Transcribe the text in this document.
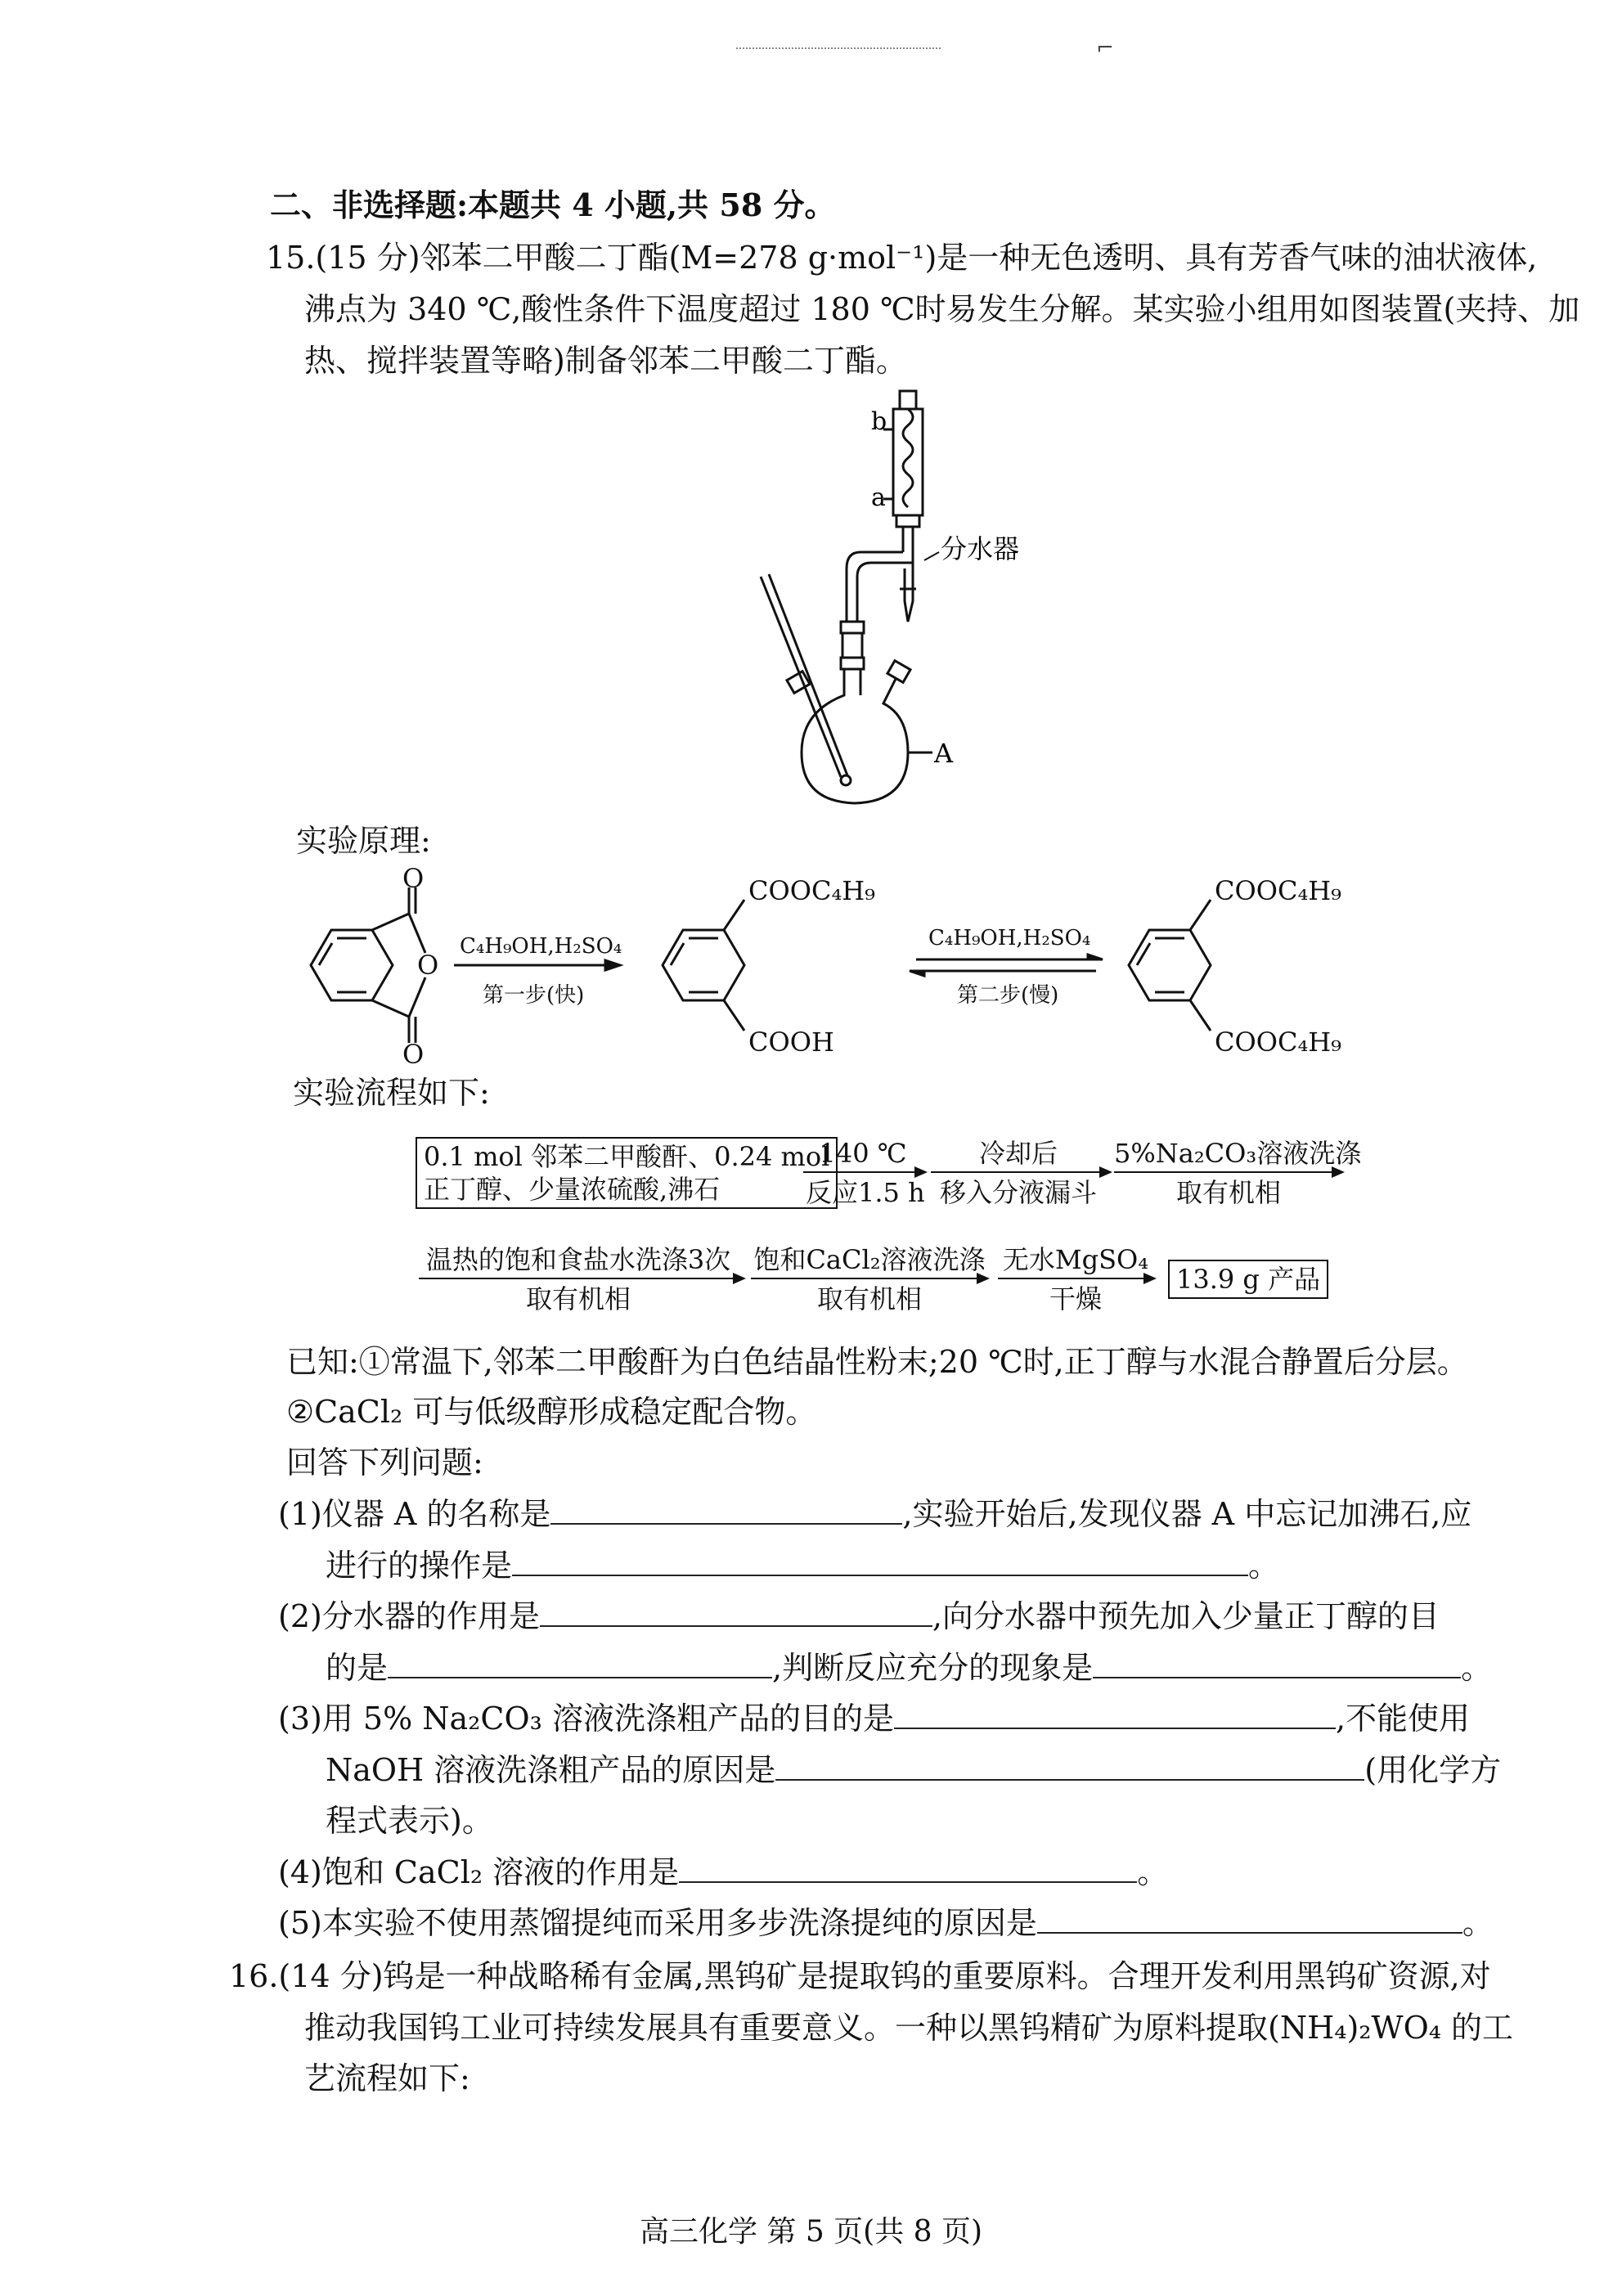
⌐
二、非选择题:本题共 4 小题,共 58 分。
15.(15 分)邻苯二甲酸二丁酯(M=278 g·mol⁻¹)是一种无色透明、具有芳香气味的油状液体,
沸点为 340 ℃,酸性条件下温度超过 180 ℃时易发生分解。某实验小组用如图装置(夹持、加
热、搅拌装置等略)制备邻苯二甲酸二丁酯。
b
a
分水器
A
实验原理:
O
O
O
C₄H₉OH,H₂SO₄
第一步(快)
COOC₄H₉
COOH
C₄H₉OH,H₂SO₄
第二步(慢)
COOC₄H₉
COOC₄H₉
实验流程如下:
0.1 mol 邻苯二甲酸酐、0.24 mol
正丁醇、少量浓硫酸,沸石
140 ℃
反应1.5 h
冷却后
移入分液漏斗
5%Na₂CO₃溶液洗涤
取有机相
温热的饱和食盐水洗涤3次
取有机相
饱和CaCl₂溶液洗涤
取有机相
无水MgSO₄
干燥
13.9 g 产品
已知:①常温下,邻苯二甲酸酐为白色结晶性粉末;20 ℃时,正丁醇与水混合静置后分层。
②CaCl₂ 可与低级醇形成稳定配合物。
回答下列问题:
(1)仪器 A 的名称是	,实验开始后,发现仪器 A 中忘记加沸石,应
进行的操作是	。
(2)分水器的作用是	,向分水器中预先加入少量正丁醇的目
的是	,判断反应充分的现象是	。
(3)用 5% Na₂CO₃ 溶液洗涤粗产品的目的是	,不能使用
NaOH 溶液洗涤粗产品的原因是	(用化学方
程式表示)。
(4)饱和 CaCl₂ 溶液的作用是	。
(5)本实验不使用蒸馏提纯而采用多步洗涤提纯的原因是	。
16.(14 分)钨是一种战略稀有金属,黑钨矿是提取钨的重要原料。合理开发利用黑钨矿资源,对
推动我国钨工业可持续发展具有重要意义。一种以黑钨精矿为原料提取(NH₄)₂WO₄ 的工
艺流程如下:
高三化学 第 5 页(共 8 页)
